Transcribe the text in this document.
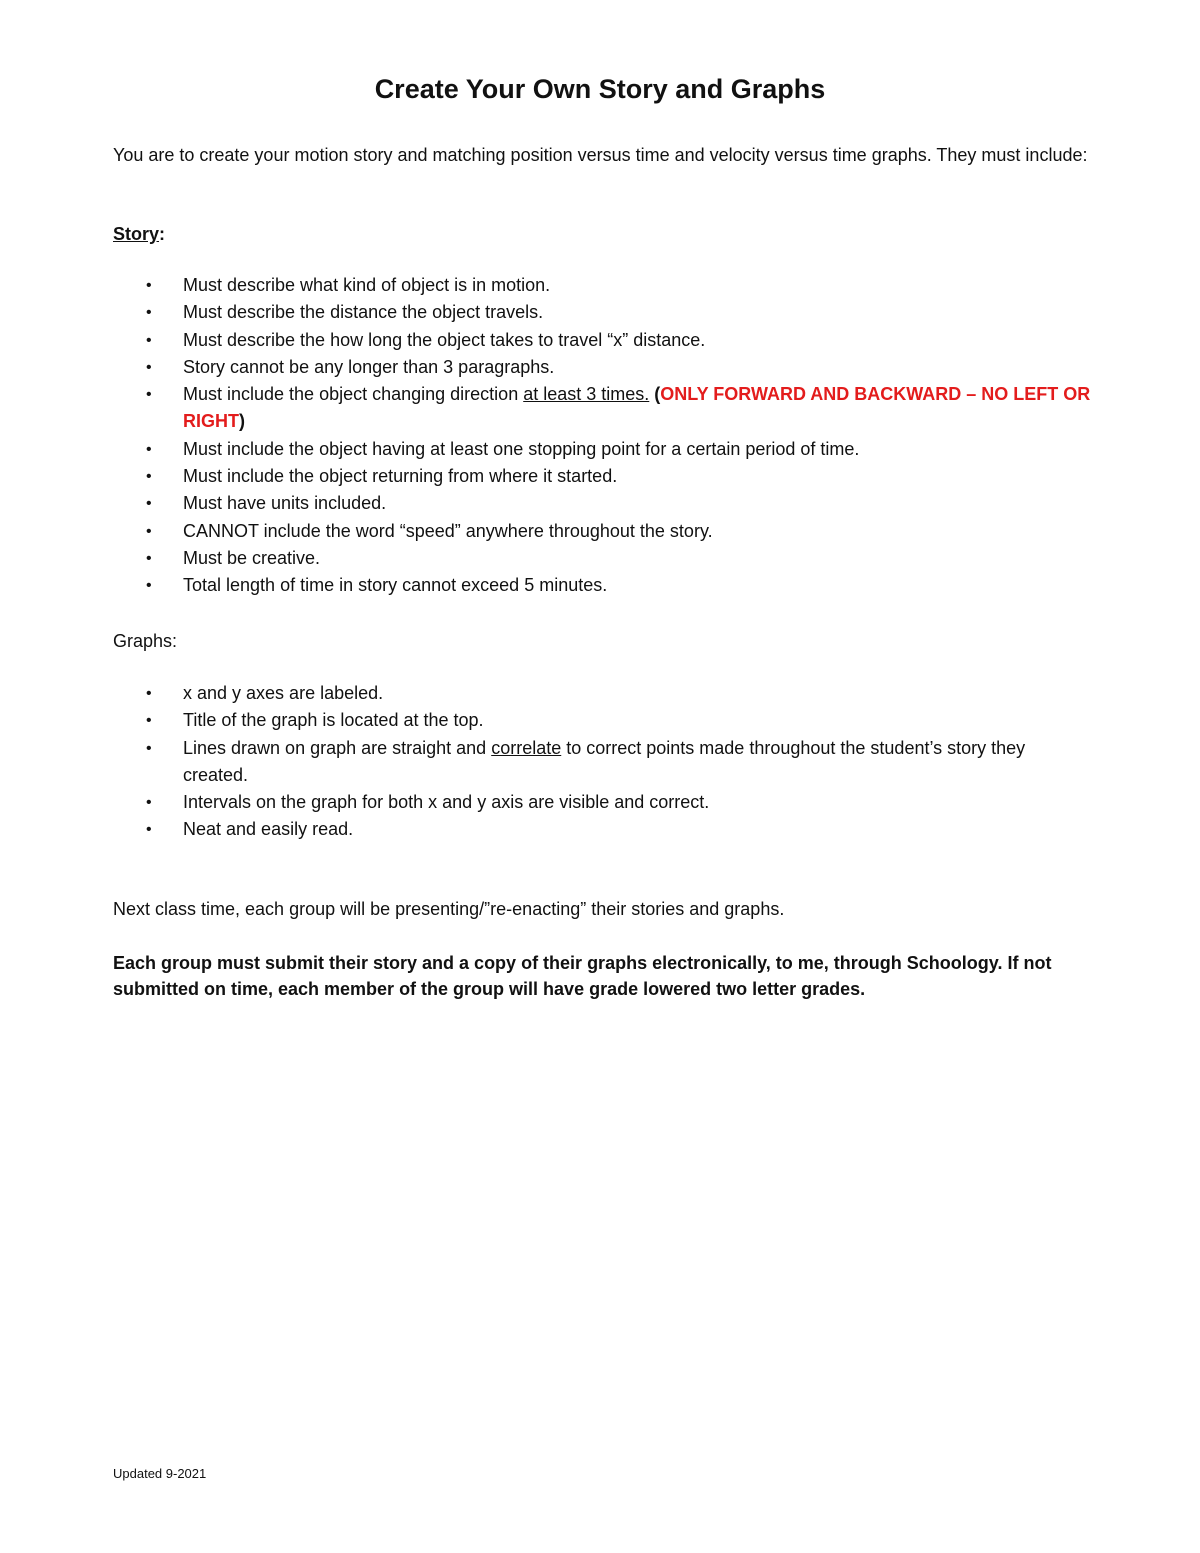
Create Your Own Story and Graphs

You are to create your motion story and matching position versus time and velocity versus time graphs. They must include:

Story:

• Must describe what kind of object is in motion.
• Must describe the distance the object travels.
• Must describe the how long the object takes to travel “x” distance.
• Story cannot be any longer than 3 paragraphs.
• Must include the object changing direction at least 3 times. (ONLY FORWARD AND BACKWARD – NO LEFT OR RIGHT)
• Must include the object having at least one stopping point for a certain period of time.
• Must include the object returning from where it started.
• Must have units included.
• CANNOT include the word “speed” anywhere throughout the story.
• Must be creative.
• Total length of time in story cannot exceed 5 minutes.

Graphs:

• x and y axes are labeled.
• Title of the graph is located at the top.
• Lines drawn on graph are straight and correlate to correct points made throughout the student’s story they created.
• Intervals on the graph for both x and y axis are visible and correct.
• Neat and easily read.

Next class time, each group will be presenting/”re-enacting” their stories and graphs.

Each group must submit their story and a copy of their graphs electronically, to me, through Schoology. If not submitted on time, each member of the group will have grade lowered two letter grades.

Updated 9-2021
